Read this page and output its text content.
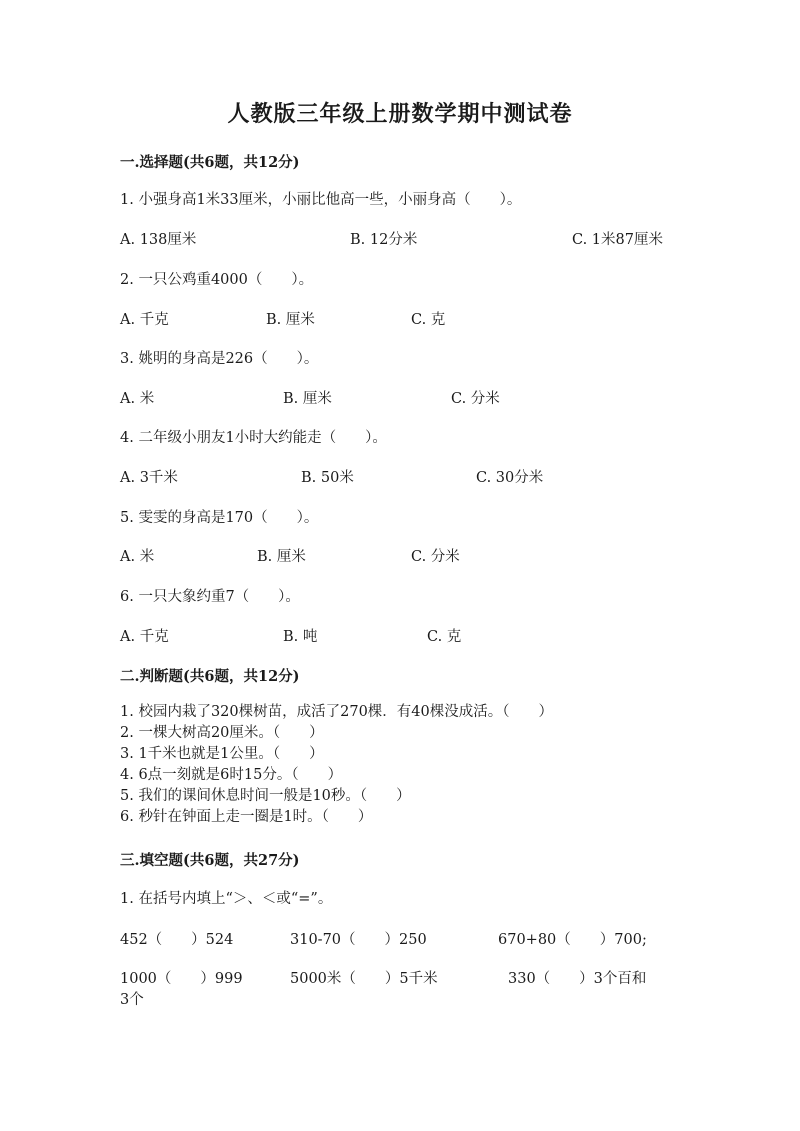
人教版三年级上册数学期中测试卷
一.选择题(共6题，共12分)
1. 小强身高1米33厘米，小丽比他高一些，小丽身高（　　）。
A. 138厘米	B. 12分米	C. 1米87厘米
2. 一只公鸡重4000（　　）。
A. 千克	B. 厘米	C. 克
3. 姚明的身高是226（　　）。
A. 米	B. 厘米	C. 分米
4. 二年级小朋友1小时大约能走（　　）。
A. 3千米	B. 50米	C. 30分米
5. 雯雯的身高是170（　　）。
A. 米	B. 厘米	C. 分米
6. 一只大象约重7（　　）。
A. 千克	B. 吨	C. 克
二.判断题(共6题，共12分)
1. 校园内栽了320棵树苗，成活了270棵．有40棵没成活。（　　）
2. 一棵大树高20厘米。（　　）
3. 1千米也就是1公里。（　　）
4. 6点一刻就是6时15分。（　　）
5. 我们的课间休息时间一般是10秒。（　　）
6. 秒针在钟面上走一圈是1时。（　　）
三.填空题(共6题，共27分)
1. 在括号内填上“＞、＜或“=”。
452（　　）524	310-70（　　）250	670+80（　　）700;
1000（　　）999	5000米（　　）5千米	330（　　）3个百和
3个
